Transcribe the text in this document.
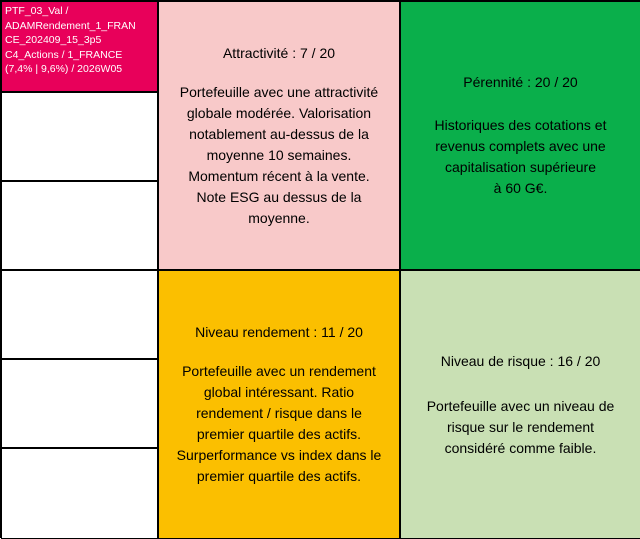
PTF_03_Val /
ADAMRendement_1_FRAN
CE_202409_15_3p5
C4_Actions / 1_FRANCE
(7,4% | 9,6%) / 2026W05
Attractivité : 7 / 20
Portefeuille avec une attractivité
globale modérée. Valorisation
notablement au-dessus de la
moyenne 10 semaines.
Momentum récent à la vente.
Note ESG au dessus de la
moyenne.
Pérennité : 20 / 20
Historiques des cotations et
revenus complets avec une
capitalisation supérieure
à 60 G€.
Niveau rendement : 11 / 20
Portefeuille avec un rendement
global intéressant. Ratio
rendement / risque dans le
premier quartile des actifs.
Surperformance vs index dans le
premier quartile des actifs.
Niveau de risque : 16 / 20
Portefeuille avec un niveau de
risque sur le rendement
considéré comme faible.
